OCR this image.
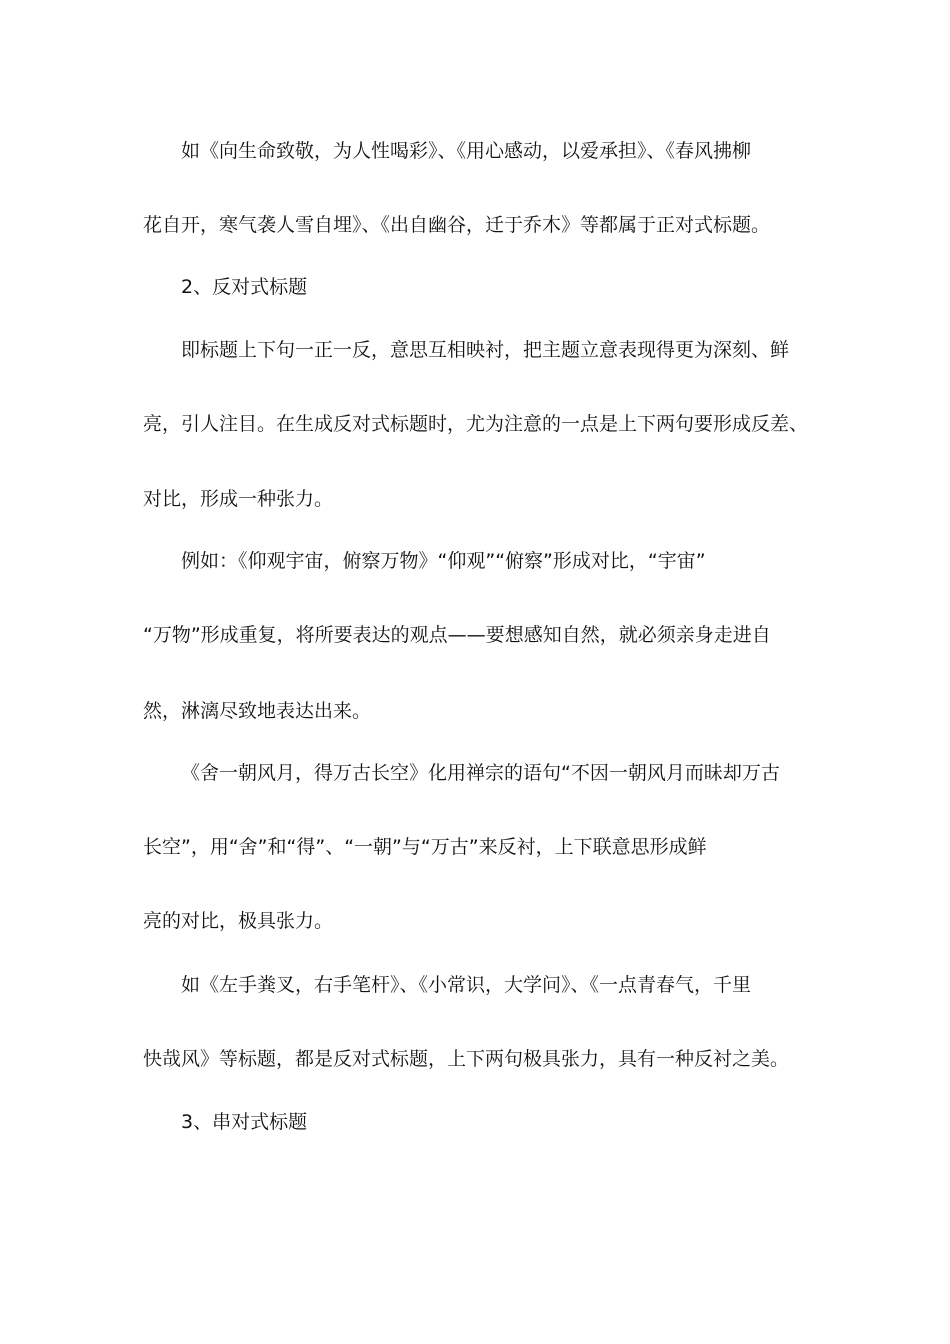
如《向生命致敬，为人性喝彩》、《用心感动，以爱承担》、《春风拂柳
花自开，寒气袭人雪自埋》、《出自幽谷，迁于乔木》等都属于正对式标题。
2、反对式标题
即标题上下句一正一反，意思互相映衬，把主题立意表现得更为深刻、鲜
亮，引人注目。在生成反对式标题时，尤为注意的一点是上下两句要形成反差、
对比，形成一种张力。
例如：《仰观宇宙，俯察万物》“仰观”“俯察”形成对比，“宇宙”
“万物”形成重复，将所要表达的观点——要想感知自然，就必须亲身走进自
然，淋漓尽致地表达出来。
《舍一朝风月，得万古长空》化用禅宗的语句“不因一朝风月而昧却万古
长空”，用“舍”和“得”、“一朝”与“万古”来反衬，上下联意思形成鲜
亮的对比，极具张力。
如《左手粪叉，右手笔杆》、《小常识，大学问》、《一点青春气，千里
快哉风》等标题，都是反对式标题，上下两句极具张力，具有一种反衬之美。
3、串对式标题
